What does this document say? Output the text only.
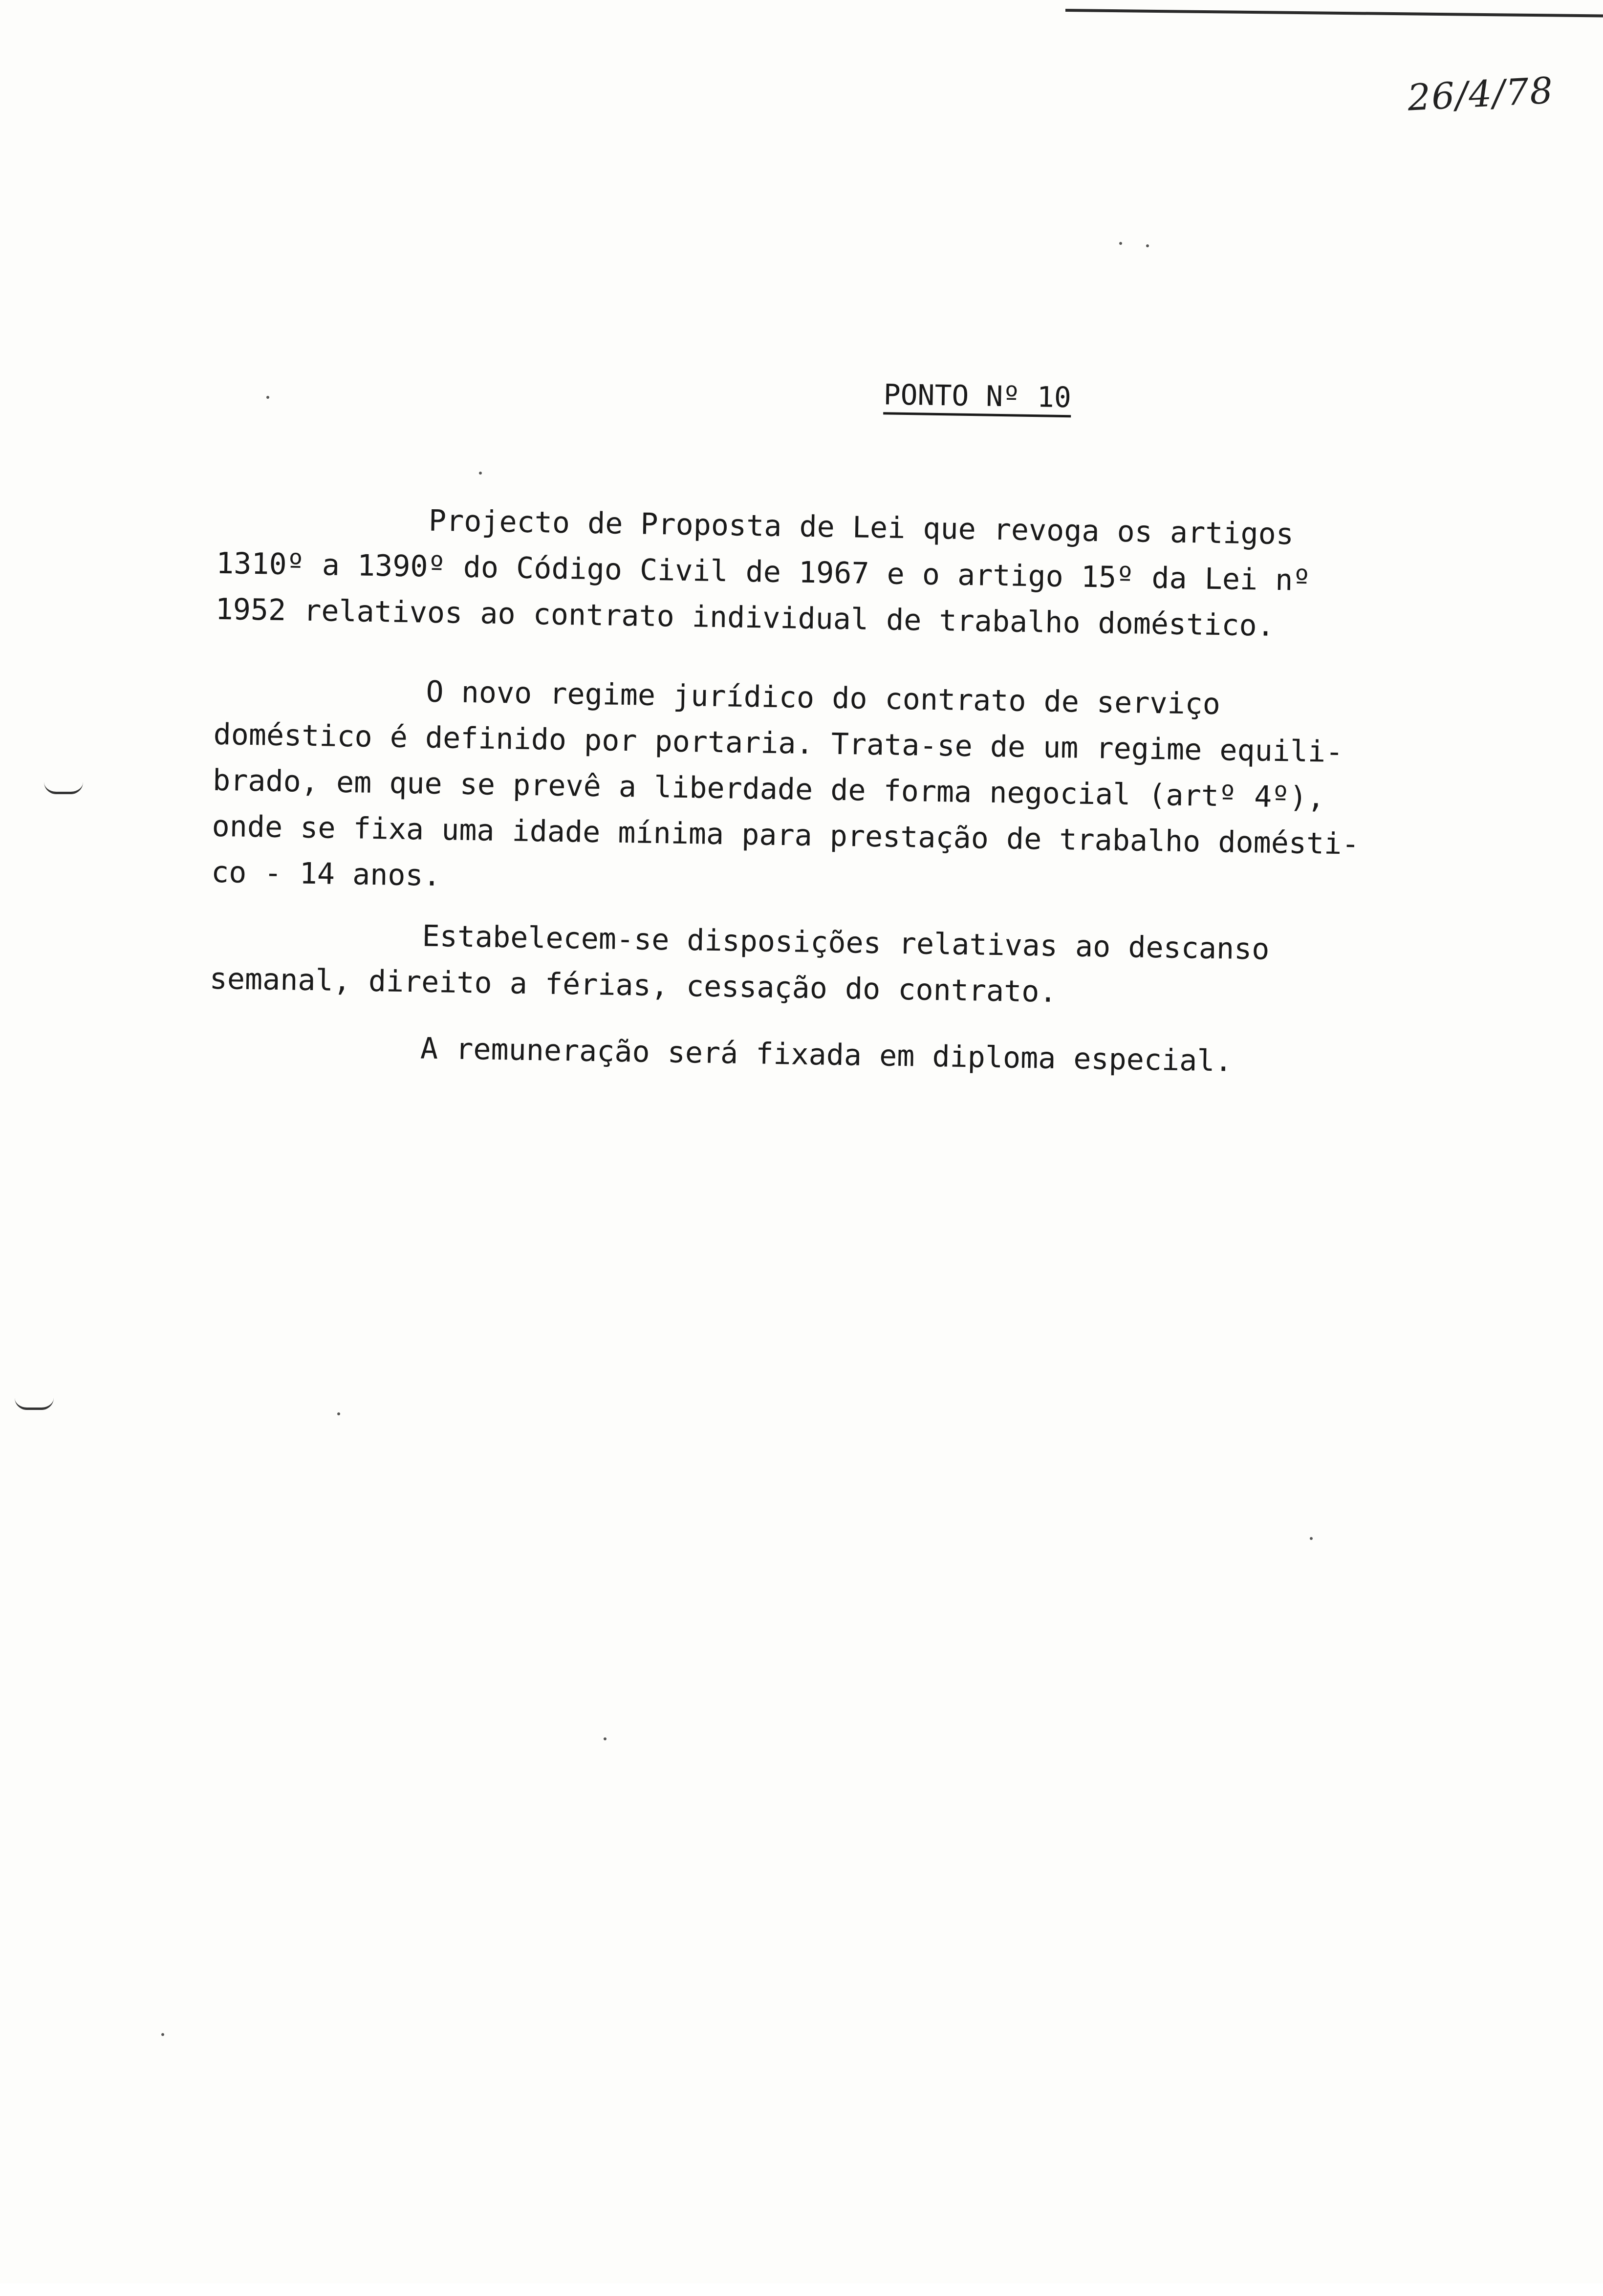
26/4/78
PONTO Nº 10
Projecto de Proposta de Lei que revoga os artigos
1310º a 1390º do Código Civil de 1967 e o artigo 15º da Lei nº
1952 relativos ao contrato individual de trabalho doméstico.
O novo regime jurídico do contrato de serviço
doméstico é definido por portaria. Trata-se de um regime equili-
brado, em que se prevê a liberdade de forma negocial (artº 4º),
onde se fixa uma idade mínima para prestação de trabalho domésti-
co - 14 anos.
Estabelecem-se disposições relativas ao descanso
semanal, direito a férias, cessação do contrato.
A remuneração será fixada em diploma especial.
